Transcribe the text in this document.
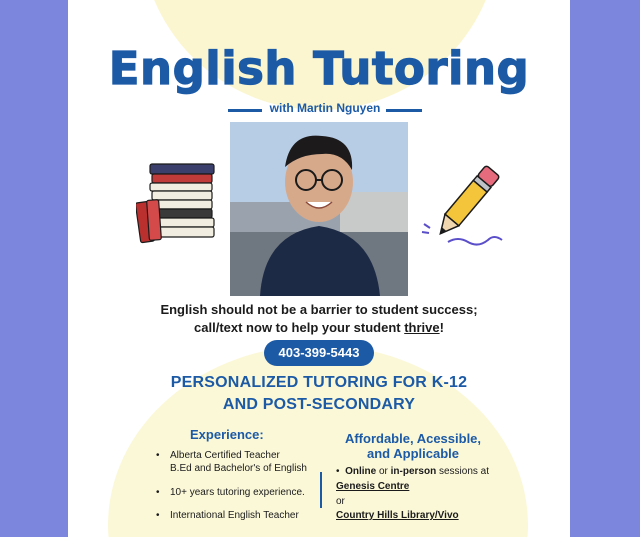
English Tutoring
with Martin Nguyen
English should not be a barrier to student success;
call/text now to help your student thrive!
403-399-5443
PERSONALIZED TUTORING FOR K-12
AND POST-SECONDARY
Experience:
• Alberta Certified Teacher
B.Ed and Bachelor's of English
• 10+ years tutoring experience.
• International English Teacher
Affordable, Acessible,
and Applicable
•  Online or in-person sessions at
Genesis Centre
or
Country Hills Library/Vivo
